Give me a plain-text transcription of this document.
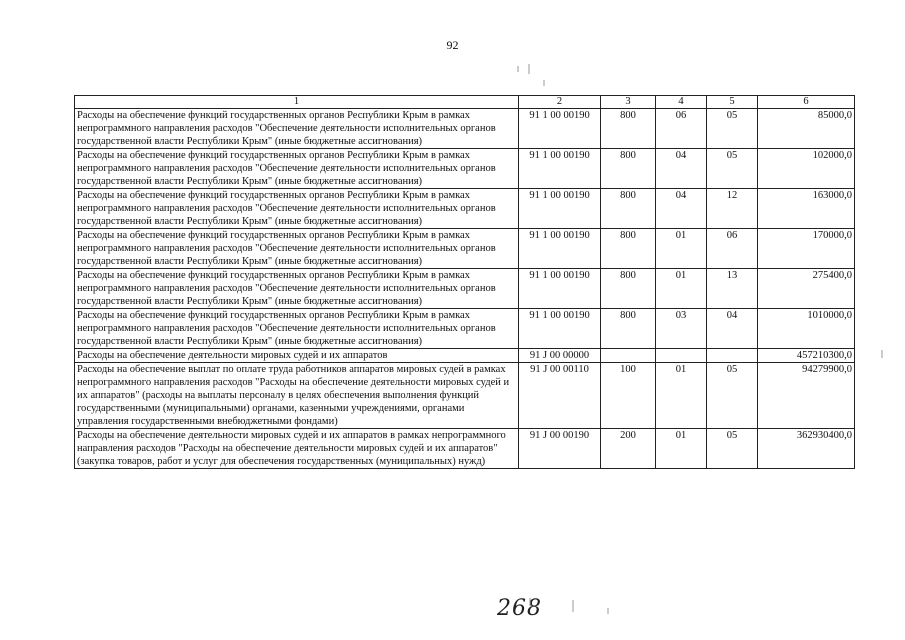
92
1	2	3	4	5	6
Расходы на обеспечение функций государственных органов Республики Крым в рамках непрограммного направления расходов "Обеспечение деятельности исполнительных органов государственной власти Республики Крым" (иные бюджетные ассигнования)	91 1 00 00190	800	06	05	85000,0
Расходы на обеспечение функций государственных органов Республики Крым в рамках непрограммного направления расходов "Обеспечение деятельности исполнительных органов государственной власти Республики Крым" (иные бюджетные ассигнования)	91 1 00 00190	800	04	05	102000,0
Расходы на обеспечение функций государственных органов Республики Крым в рамках непрограммного направления расходов "Обеспечение деятельности исполнительных органов государственной власти Республики Крым" (иные бюджетные ассигнования)	91 1 00 00190	800	04	12	163000,0
Расходы на обеспечение функций государственных органов Республики Крым в рамках непрограммного направления расходов "Обеспечение деятельности исполнительных органов государственной власти Республики Крым" (иные бюджетные ассигнования)	91 1 00 00190	800	01	06	170000,0
Расходы на обеспечение функций государственных органов Республики Крым в рамках непрограммного направления расходов "Обеспечение деятельности исполнительных органов государственной власти Республики Крым" (иные бюджетные ассигнования)	91 1 00 00190	800	01	13	275400,0
Расходы на обеспечение функций государственных органов Республики Крым в рамках непрограммного направления расходов "Обеспечение деятельности исполнительных органов государственной власти Республики Крым" (иные бюджетные ассигнования)	91 1 00 00190	800	03	04	1010000,0
Расходы на обеспечение деятельности мировых судей и их аппаратов	91 J 00 00000				457210300,0
Расходы на обеспечение выплат по оплате труда работников аппаратов мировых судей в рамках непрограммного направления расходов "Расходы на обеспечение деятельности мировых судей и их аппаратов" (расходы на выплаты персоналу в целях обеспечения выполнения функций государственными (муниципальными) органами, казенными учреждениями, органами управления государственными внебюджетными фондами)	91 J 00 00110	100	01	05	94279900,0
Расходы на обеспечение деятельности мировых судей и их аппаратов в рамках непрограммного направления расходов "Расходы на обеспечение деятельности мировых судей и их аппаратов" (закупка товаров, работ и услуг для обеспечения государственных (муниципальных) нужд)	91 J 00 00190	200	01	05	362930400,0
268
